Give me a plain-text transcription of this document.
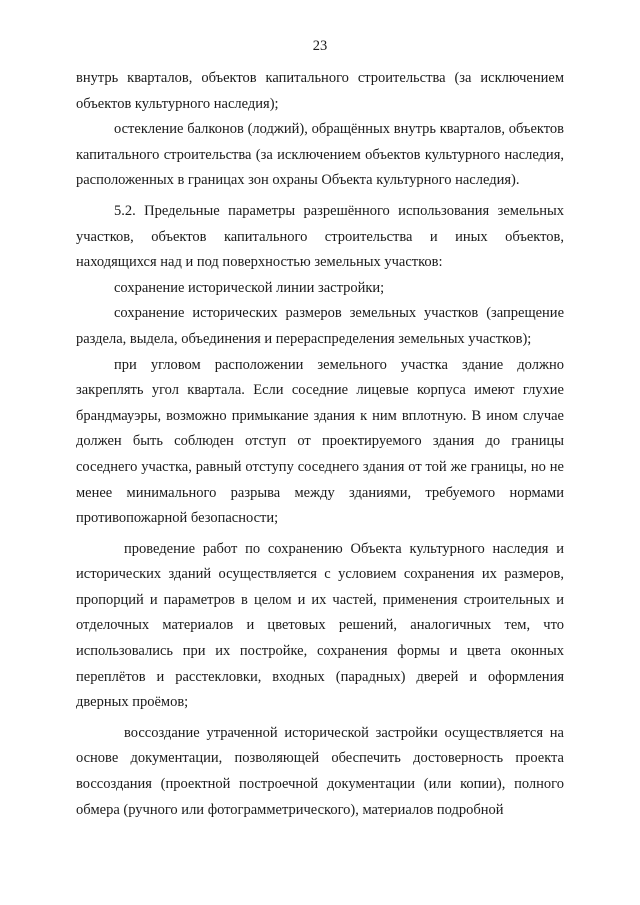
23

внутрь кварталов, объектов капитального строительства (за исключением объектов культурного наследия);

остекление балконов (лоджий), обращённых внутрь кварталов, объектов капитального строительства (за исключением объектов культурного наследия, расположенных в границах зон охраны Объекта культурного наследия).

5.2. Предельные параметры разрешённого использования земельных участков, объектов капитального строительства и иных объектов, находящихся над и под поверхностью земельных участков:

сохранение исторической линии застройки;

сохранение исторических размеров земельных участков (запрещение раздела, выдела, объединения и перераспределения земельных участков);

при угловом расположении земельного участка здание должно закреплять угол квартала. Если соседние лицевые корпуса имеют глухие брандмауэры, возможно примыкание здания к ним вплотную. В ином случае должен быть соблюден отступ от проектируемого здания до границы соседнего участка, равный отступу соседнего здания от той же границы, но не менее минимального разрыва между зданиями, требуемого нормами противопожарной безопасности;

проведение работ по сохранению Объекта культурного наследия и исторических зданий осуществляется с условием сохранения их размеров, пропорций и параметров в целом и их частей, применения строительных и отделочных материалов и цветовых решений, аналогичных тем, что использовались при их постройке, сохранения формы и цвета оконных переплётов и расстекловки, входных (парадных) дверей и оформления дверных проёмов;

воссоздание утраченной исторической застройки осуществляется на основе документации, позволяющей обеспечить достоверность проекта воссоздания (проектной построечной документации (или копии), полного обмера (ручного или фотограмметрического), материалов подробной
